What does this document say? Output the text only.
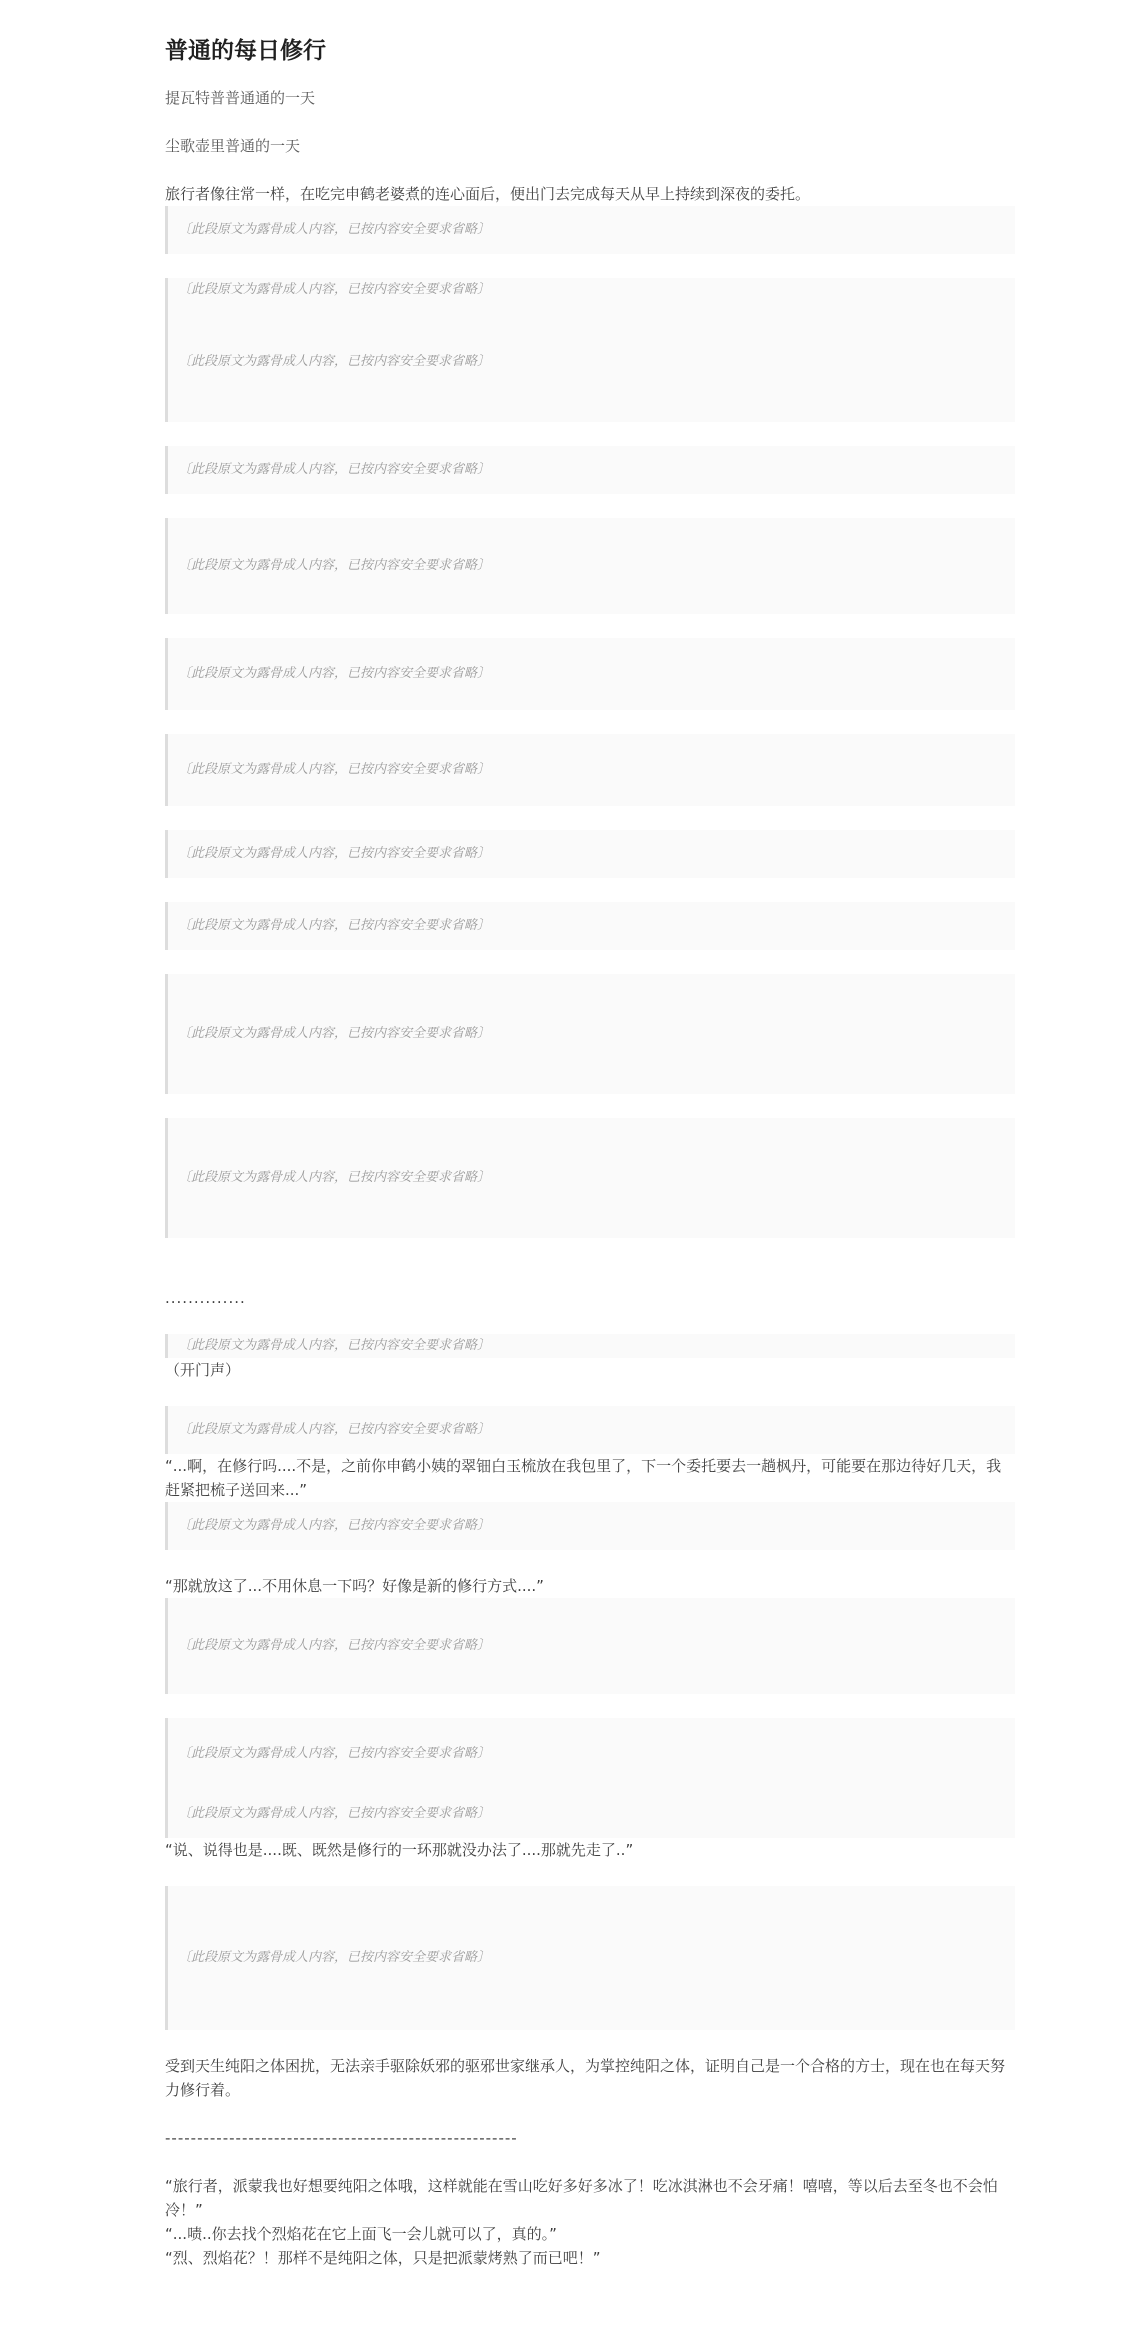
普通的每日修行

提瓦特普普通通的一天

尘歌壶里普通的一天

旅行者像往常一样，在吃完申鹤老婆煮的连心面后，便出门去完成每天从早上持续到深夜的委托。

〔此段原文为露骨成人内容，已按内容安全要求省略〕

〔此段原文为露骨成人内容，已按内容安全要求省略〕

〔此段原文为露骨成人内容，已按内容安全要求省略〕

〔此段原文为露骨成人内容，已按内容安全要求省略〕

〔此段原文为露骨成人内容，已按内容安全要求省略〕

〔此段原文为露骨成人内容，已按内容安全要求省略〕

〔此段原文为露骨成人内容，已按内容安全要求省略〕

〔此段原文为露骨成人内容，已按内容安全要求省略〕

〔此段原文为露骨成人内容，已按内容安全要求省略〕

〔此段原文为露骨成人内容，已按内容安全要求省略〕

〔此段原文为露骨成人内容，已按内容安全要求省略〕

..............

〔此段原文为露骨成人内容，已按内容安全要求省略〕

（开门声）

〔此段原文为露骨成人内容，已按内容安全要求省略〕

“...啊，在修行吗....不是，之前你申鹤小姨的翠钿白玉梳放在我包里了，下一个委托要去一趟枫丹，可能要在那边待好几天，我赶紧把梳子送回来...”

〔此段原文为露骨成人内容，已按内容安全要求省略〕

“那就放这了...不用休息一下吗？好像是新的修行方式....”

〔此段原文为露骨成人内容，已按内容安全要求省略〕

〔此段原文为露骨成人内容，已按内容安全要求省略〕

〔此段原文为露骨成人内容，已按内容安全要求省略〕

“说、说得也是....既、既然是修行的一环那就没办法了....那就先走了..”

〔此段原文为露骨成人内容，已按内容安全要求省略〕

受到天生纯阳之体困扰，无法亲手驱除妖邪的驱邪世家继承人，为掌控纯阳之体，证明自己是一个合格的方士，现在也在每天努力修行着。

-------------------------------------------------------

“旅行者，派蒙我也好想要纯阳之体哦，这样就能在雪山吃好多好多冰了！吃冰淇淋也不会牙痛！嘻嘻，等以后去至冬也不会怕冷！”

“...啧..你去找个烈焰花在它上面飞一会儿就可以了，真的。”

“烈、烈焰花？！那样不是纯阳之体，只是把派蒙烤熟了而已吧！”
